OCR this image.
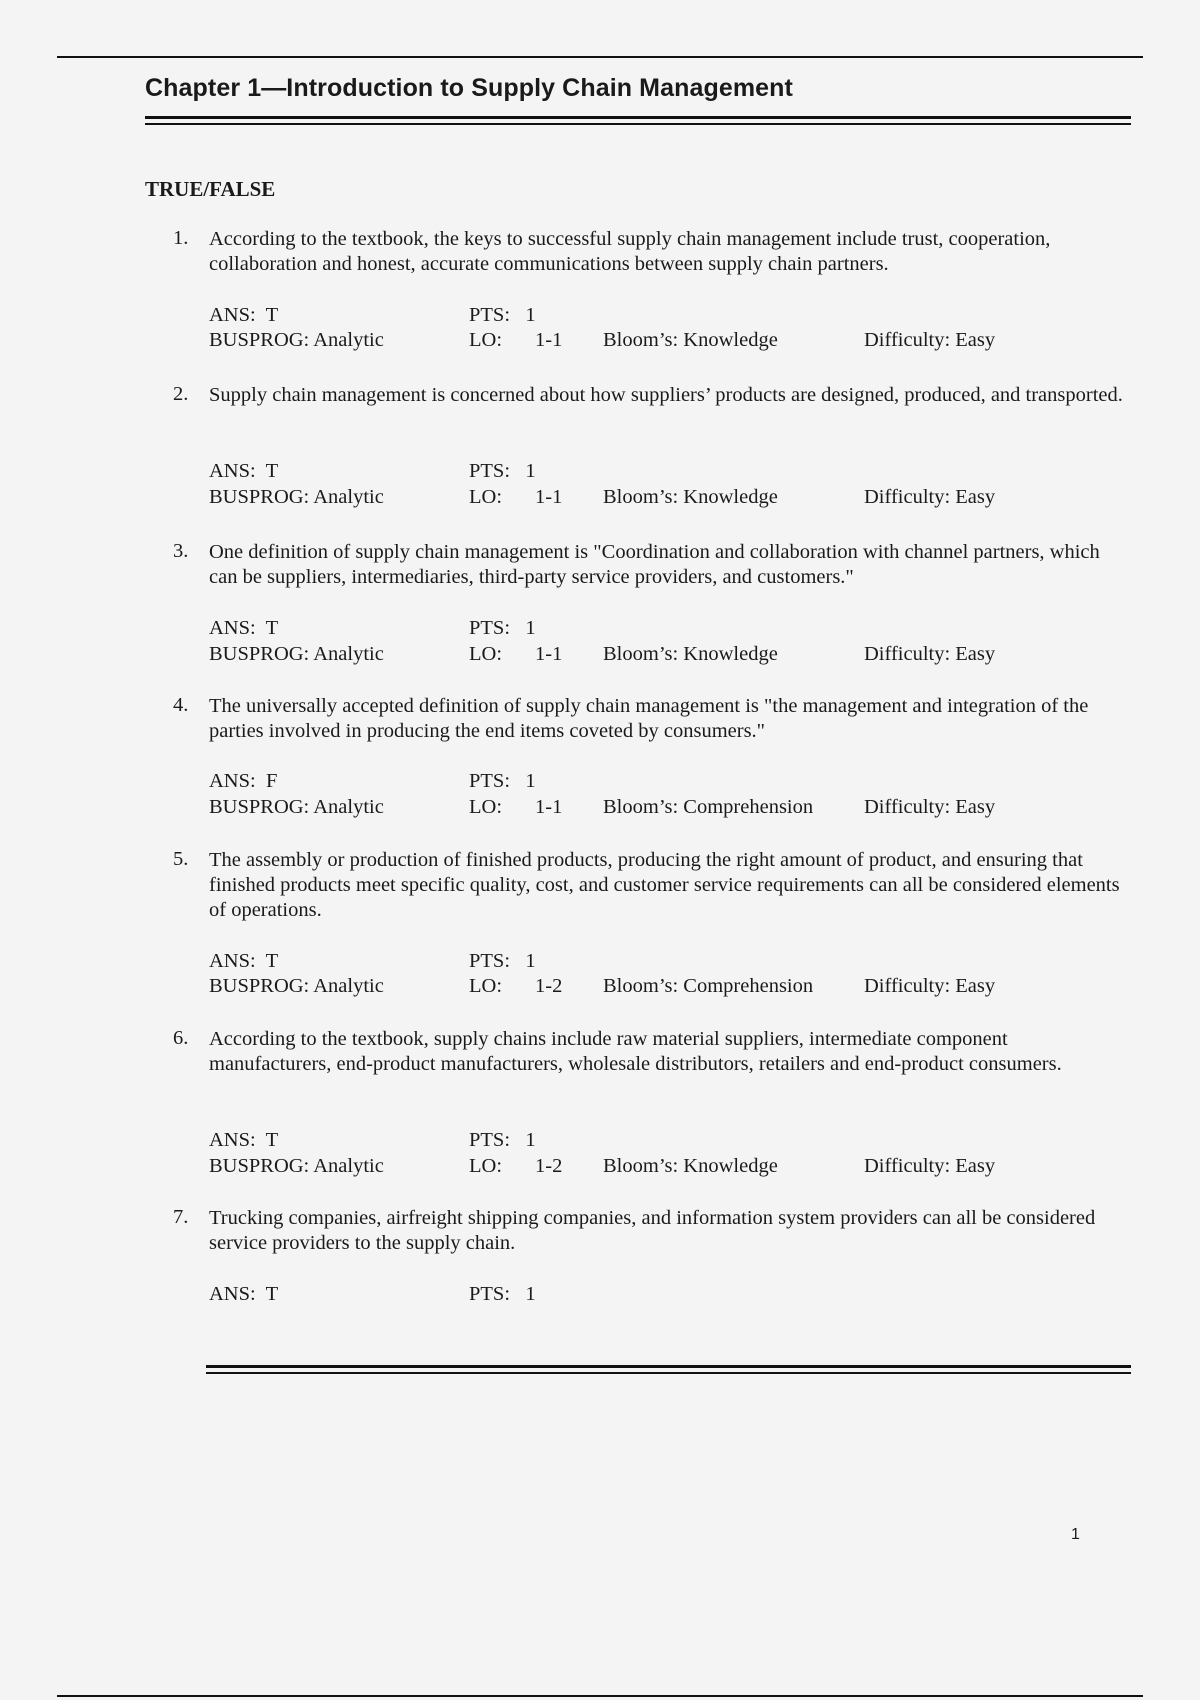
Chapter 1—Introduction to Supply Chain Management
TRUE/FALSE
1. According to the textbook, the keys to successful supply chain management include trust, cooperation, collaboration and honest, accurate communications between supply chain partners.
ANS:  T	PTS:   1
BUSPROG: Analytic	LO: 1-1 Bloom’s: Knowledge	Difficulty: Easy
2. Supply chain management is concerned about how suppliers’ products are designed, produced, and transported.
ANS:  T	PTS:   1
BUSPROG: Analytic	LO: 1-1 Bloom’s: Knowledge	Difficulty: Easy
3. One definition of supply chain management is "Coordination and collaboration with channel partners, which can be suppliers, intermediaries, third-party service providers, and customers."
ANS:  T	PTS:   1
BUSPROG: Analytic	LO: 1-1 Bloom’s: Knowledge	Difficulty: Easy
4. The universally accepted definition of supply chain management is "the management and integration of the parties involved in producing the end items coveted by consumers."
ANS:  F	PTS:   1
BUSPROG: Analytic	LO: 1-1 Bloom’s: Comprehension Difficulty: Easy
5. The assembly or production of finished products, producing the right amount of product, and ensuring that finished products meet specific quality, cost, and customer service requirements can all be considered elements of operations.
ANS:  T	PTS:   1
BUSPROG: Analytic	LO: 1-2 Bloom’s: Comprehension Difficulty: Easy
6. According to the textbook, supply chains include raw material suppliers, intermediate component manufacturers, end-product manufacturers, wholesale distributors, retailers and end-product consumers.
ANS:  T	PTS:   1
BUSPROG: Analytic	LO: 1-2 Bloom’s: Knowledge	Difficulty: Easy
7. Trucking companies, airfreight shipping companies, and information system providers can all be considered service providers to the supply chain.
ANS:  T	PTS:   1
1
